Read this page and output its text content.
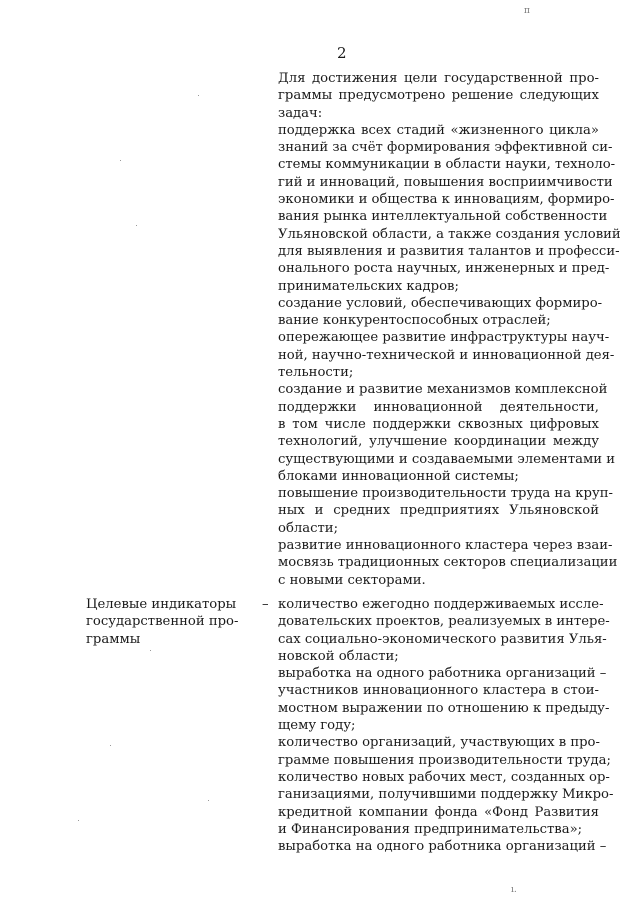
п
2

Для достижения цели государственной про-
граммы предусмотрено решение следующих
задач:

поддержка всех стадий «жизненного цикла»
знаний за счёт формирования эффективной си-
стемы коммуникации в области науки, техноло-
гий и инноваций, повышения восприимчивости
экономики и общества к инновациям, формиро-
вания рынка интеллектуальной собственности
Ульяновской области, а также создания условий
для выявления и развития талантов и професси-
онального роста научных, инженерных и пред-
принимательских кадров;

создание условий, обеспечивающих формиро-
вание конкурентоспособных отраслей;

опережающее развитие инфраструктуры науч-
ной, научно-технической и инновационной дея-
тельности;

создание и развитие механизмов комплексной
поддержки инновационной деятельности,
в том числе поддержки сквозных цифровых
технологий, улучшение координации между
существующими и создаваемыми элементами и
блоками инновационной системы;

повышение производительности труда на круп-
ных и средних предприятиях Ульяновской
области;

развитие инновационного кластера через взаи-
мосвязь традиционных секторов специализации
с новыми секторами.

Целевые индикаторы
государственной про-
граммы
– количество ежегодно поддерживаемых иссле-
довательских проектов, реализуемых в интере-
сах социально-экономического развития Улья-
новской области;

выработка на одного работника организаций –
участников инновационного кластера в стои-
мостном выражении по отношению к предыду-
щему году;

количество организаций, участвующих в про-
грамме повышения производительности труда;

количество новых рабочих мест, созданных ор-
ганизациями, получившими поддержку Микро-
кредитной компании фонда «Фонд Развития
и Финансирования предпринимательства»;

выработка на одного работника организаций –

ı.
